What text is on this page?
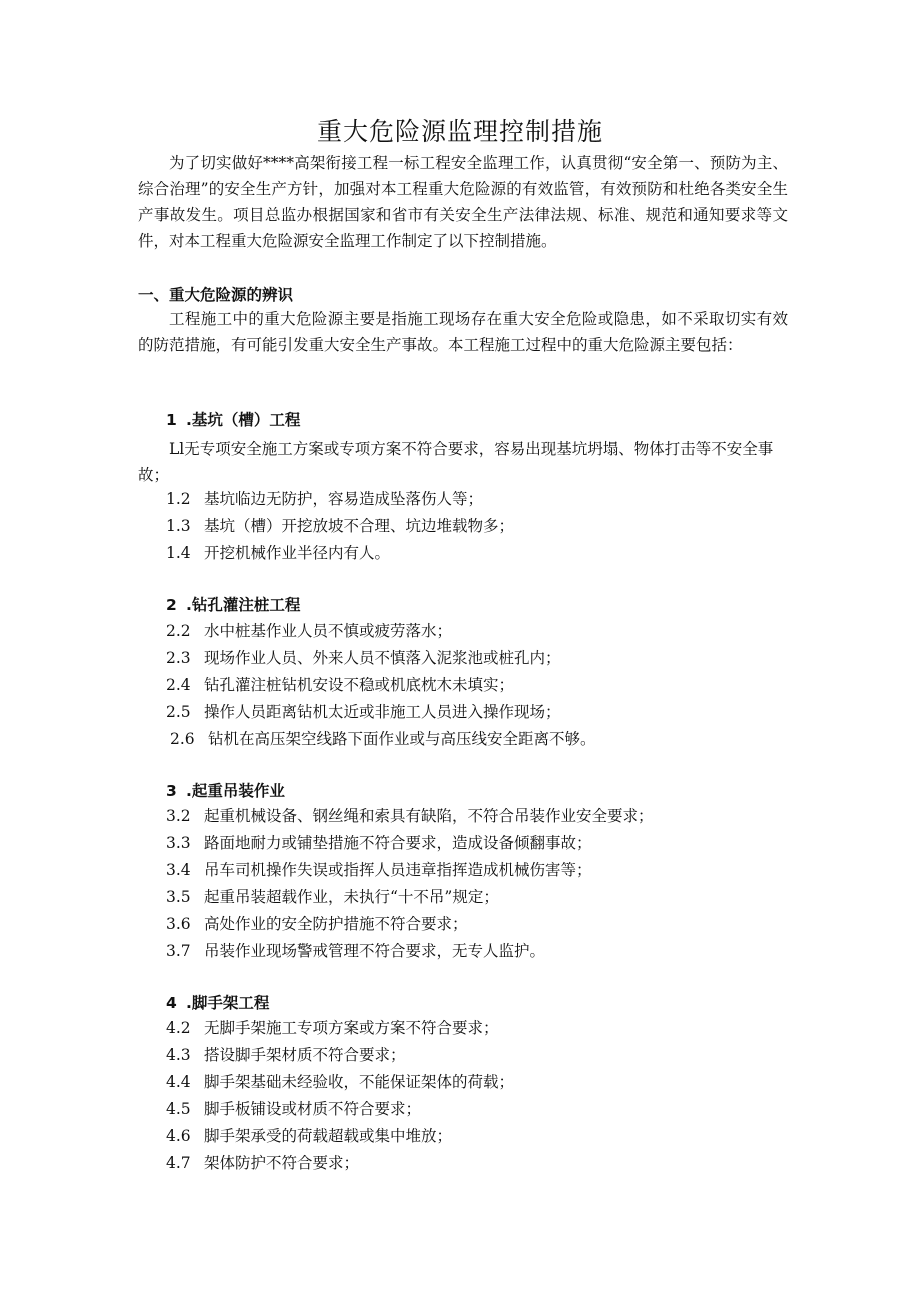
重大危险源监理控制措施
为了切实做好****高架衔接工程一标工程安全监理工作，认真贯彻“安全第一、预防为主、综合治理”的安全生产方针，加强对本工程重大危险源的有效监管，有效预防和杜绝各类安全生产事故发生。项目总监办根据国家和省市有关安全生产法律法规、标准、规范和通知要求等文件，对本工程重大危险源安全监理工作制定了以下控制措施。
一、重大危险源的辨识
工程施工中的重大危险源主要是指施工现场存在重大安全危险或隐患，如不采取切实有效的防范措施，有可能引发重大安全生产事故。本工程施工过程中的重大危险源主要包括：
1 .基坑（槽）工程
Ll无专项安全施工方案或专项方案不符合要求，容易出现基坑坍塌、物体打击等不安全事故；
1.2 基坑临边无防护，容易造成坠落伤人等；
1.3 基坑（槽）开挖放坡不合理、坑边堆载物多；
1.4 开挖机械作业半径内有人。
2 .钻孔灌注桩工程
2.2 水中桩基作业人员不慎或疲劳落水；
2.3 现场作业人员、外来人员不慎落入泥浆池或桩孔内；
2.4 钻孔灌注桩钻机安设不稳或机底枕木未填实；
2.5 操作人员距离钻机太近或非施工人员进入操作现场；
2.6 钻机在高压架空线路下面作业或与高压线安全距离不够。
3 .起重吊装作业
3.2 起重机械设备、钢丝绳和索具有缺陷，不符合吊装作业安全要求；
3.3 路面地耐力或铺垫措施不符合要求，造成设备倾翻事故；
3.4 吊车司机操作失误或指挥人员违章指挥造成机械伤害等；
3.5 起重吊装超载作业，未执行“十不吊”规定；
3.6 高处作业的安全防护措施不符合要求；
3.7 吊装作业现场警戒管理不符合要求，无专人监护。
4 .脚手架工程
4.2 无脚手架施工专项方案或方案不符合要求；
4.3 搭设脚手架材质不符合要求；
4.4 脚手架基础未经验收，不能保证架体的荷载；
4.5 脚手板铺设或材质不符合要求；
4.6 脚手架承受的荷载超载或集中堆放；
4.7 架体防护不符合要求；
